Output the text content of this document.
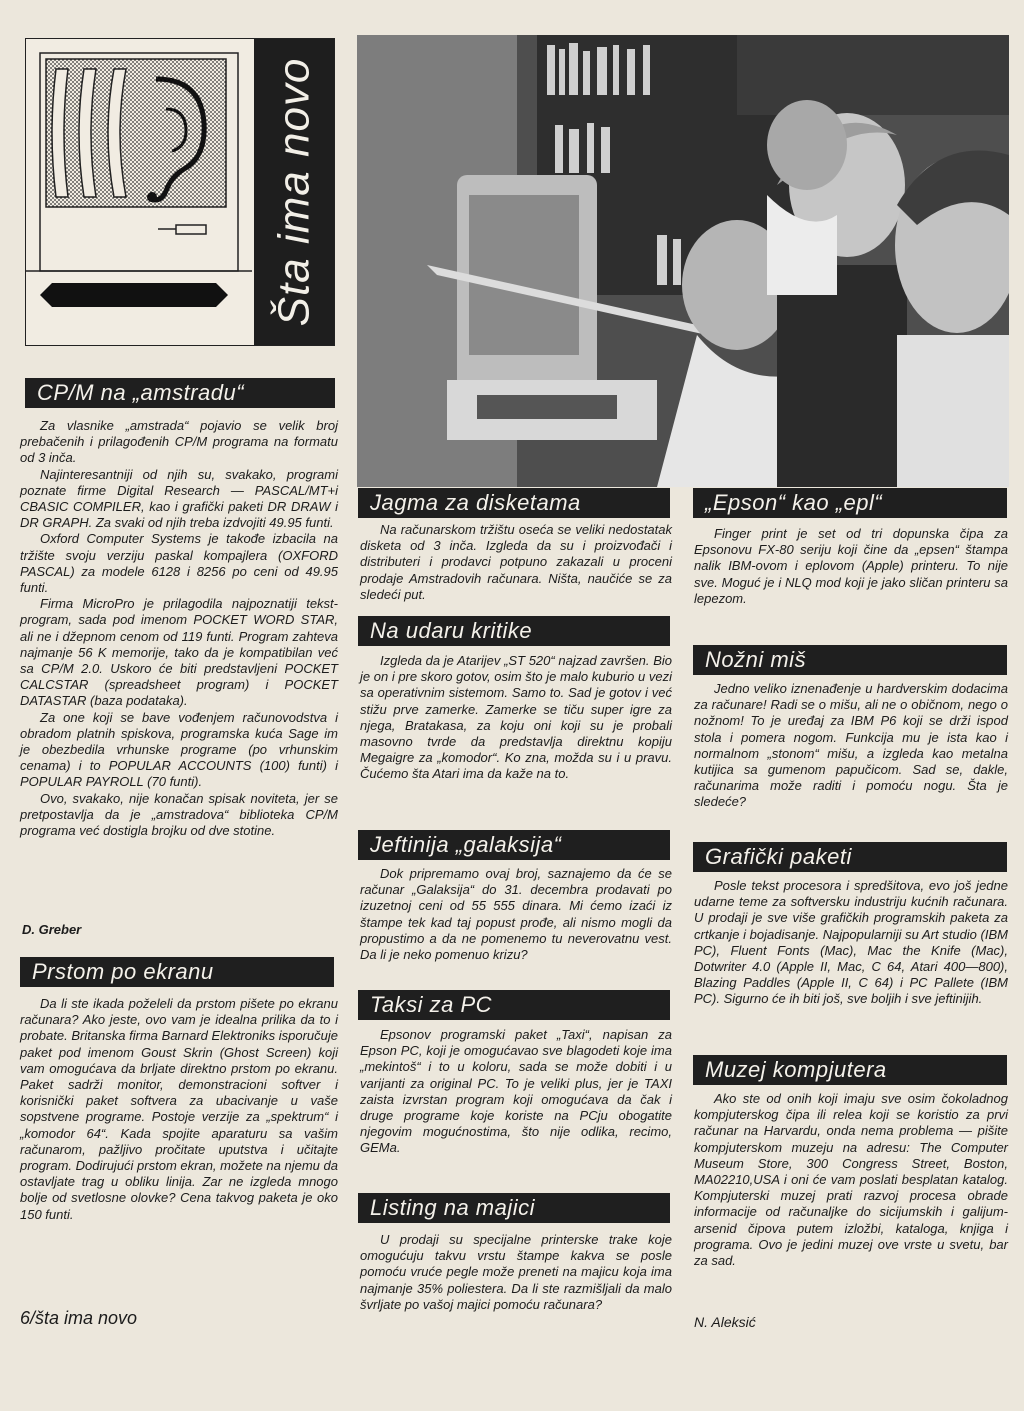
Šta ima novo
CP/M na „amstradu“

Za vlasnike „amstrada“ pojavio se velik broj prebačenih i prilagođenih CP/M programa na formatu od 3 inča.

Najinteresantniji od njih su, svakako, programi poznate firme Digital Research — PASCAL/MT+i CBASIC COMPILER, kao i grafički paketi DR DRAW i DR GRAPH. Za svaki od njih treba izdvojiti 49.95 funti.

Oxford Computer Systems je takođe izbacila na tržište svoju verziju paskal kompajlera (OXFORD PASCAL) za modele 6128 i 8256 po ceni od 49.95 funti.

Firma MicroPro je prilagodila najpoznatiji tekst-program, sada pod imenom POCKET WORD STAR, ali ne i džepnom cenom od 119 funti. Program zahteva najmanje 56 K memorije, tako da je kompatibilan već sa CP/M 2.0. Uskoro će biti predstavljeni POCKET CALCSTAR (spreadsheet program) i POCKET DATASTAR (baza podataka).

Za one koji se bave vođenjem računovodstva i obradom platnih spiskova, programska kuća Sage im je obezbedila vrhunske programe (po vrhunskim cenama) i to POPULAR ACCOUNTS (100) funti) i POPULAR PAYROLL (70 funti).

Ovo, svakako, nije konačan spisak noviteta, jer se pretpostavlja da je „amstradova“ biblioteka CP/M programa već dostigla brojku od dve stotine.

D. Greber
Prstom po ekranu

Da li ste ikada poželeli da prstom pišete po ekranu računara? Ako jeste, ovo vam je idealna prilika da to i probate. Britanska firma Barnard Elektroniks isporučuje paket pod imenom Goust Skrin (Ghost Screen) koji vam omogućava da brljate direktno prstom po ekranu. Paket sadrži monitor, demonstracioni softver i korisnički paket softvera za ubacivanje u vaše sopstvene programe. Postoje verzije za „spektrum“ i „komodor 64“. Kada spojite aparaturu sa vašim računarom, pažljivo pročitate uputstva i učitajte program. Dodirujući prstom ekran, možete na njemu da ostavljate trag u obliku linija. Zar ne izgleda mnogo bolje od svetlosne olovke? Cena takvog paketa je oko 150 funti.

6/šta ima novo
Jagma za disketama

Na računarskom tržištu oseća se veliki nedostatak disketa od 3 inča. Izgleda da su i proizvođači i distributeri i prodavci potpuno zakazali u proceni prodaje Amstradovih računara. Ništa, naučiće se za sledeći put.

Na udaru kritike

Izgleda da je Atarijev „ST 520“ najzad završen. Bio je on i pre skoro gotov, osim što je malo kuburio u vezi sa operativnim sistemom. Samo to. Sad je gotov i već stižu prve zamerke. Zamerke se tiču super igre za njega, Bratakasa, za koju oni koji su je probali masovno tvrde da predstavlja direktnu kopiju Megaigre za „komodor“. Ko zna, možda su i u pravu. Čućemo šta Atari ima da kaže na to.

Jeftinija „galaksija“

Dok pripremamo ovaj broj, saznajemo da će se računar „Galaksija“ do 31. decembra prodavati po izuzetnoj ceni od 55 555 dinara. Mi ćemo izaći iz štampe tek kad taj popust prođe, ali nismo mogli da propustimo a da ne pomenemo tu neverovatnu vest. Da li je neko pomenuo krizu?

Taksi za PC

Epsonov programski paket „Taxi“, napisan za Epson PC, koji je omogućavao sve blagodeti koje ima „mekintoš“ i to u koloru, sada se može dobiti i u varijanti za original PC. To je veliki plus, jer je TAXI zaista izvrstan program koji omogućava da čak i druge programe koje koriste na PCju obogatite njegovim mogućnostima, što nije odlika, recimo, GEMa.

Listing na majici

U prodaji su specijalne printerske trake koje omogućuju takvu vrstu štampe kakva se posle pomoću vruće pegle može preneti na majicu koja ima najmanje 35% poliestera. Da li ste razmišljali da malo švrljate po vašoj majici pomoću računara?

„Epson“ kao „epl“

Finger print je set od tri dopunska čipa za Epsonovu FX-80 seriju koji čine da „epsen“ štampa nalik IBM-ovom i eplovom (Apple) printeru. To nije sve. Moguć je i NLQ mod koji je jako sličan printeru sa lepezom.

Nožni miš

Jedno veliko iznenađenje u hardverskim dodacima za računare! Radi se o mišu, ali ne o običnom, nego o nožnom! To je uređaj za IBM P6 koji se drži ispod stola i pomera nogom. Funkcija mu je ista kao i normalnom „stonom“ mišu, a izgleda kao metalna kutijica sa gumenom papučicom. Sad se, dakle, računarima može raditi i pomoću nogu. Šta je sledeće?

Grafički paketi

Posle tekst procesora i spredšitova, evo još jedne udarne teme za softversku industriju kućnih računara. U prodaji je sve više grafičkih programskih paketa za crtkanje i bojadisanje. Najpopularniji su Art studio (IBM PC), Fluent Fonts (Mac), Mac the Knife (Mac), Dotwriter 4.0 (Apple II, Mac, C 64, Atari 400—800), Blazing Paddles (Apple II, C 64) i PC Pallete (IBM PC). Sigurno će ih biti još, sve boljih i sve jeftinijih.

Muzej kompjutera

Ako ste od onih koji imaju sve osim čokoladnog kompjuterskog čipa ili relea koji se koristio za prvi računar na Harvardu, onda nema problema — pišite kompjuterskom muzeju na adresu: The Computer Museum Store, 300 Congress Street, Boston, MA02210,USA i oni će vam poslati besplatan katalog. Kompjuterski muzej prati razvoj procesa obrade informacije od računaljke do sicijumskih i galijum-arsenid čipova putem izložbi, kataloga, knjiga i programa. Ovo je jedini muzej ove vrste u svetu, bar za sad.

N. Aleksić
